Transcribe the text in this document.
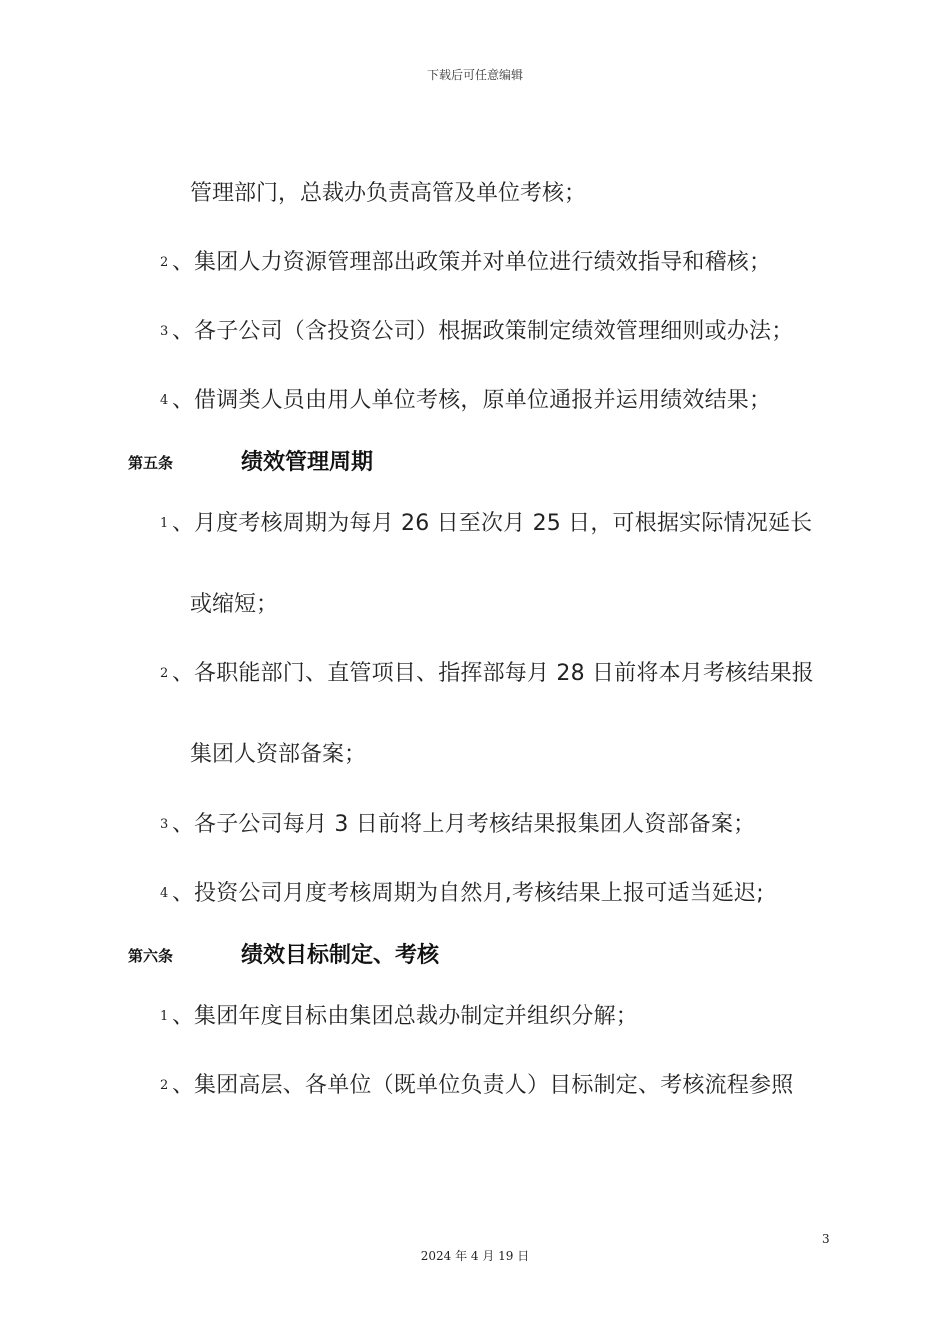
下载后可任意编辑
管理部门，总裁办负责高管及单位考核；
2 、 集团人力资源管理部出政策并对单位进行绩效指导和稽核；
3 、 各子公司（含投资公司）根据政策制定绩效管理细则或办法；
4 、 借调类人员由用人单位考核，原单位通报并运用绩效结果；
第五条	绩效管理周期
1 、 月度考核周期为每月 26 日至次月 25 日，可根据实际情况延长
或缩短；
2 、 各职能部门、直管项目、指挥部每月 28 日前将本月考核结果报
集团人资部备案；
3 、 各子公司每月 3 日前将上月考核结果报集团人资部备案；
4 、 投资公司月度考核周期为自然月,考核结果上报可适当延迟;
第六条	绩效目标制定、考核
1 、 集团年度目标由集团总裁办制定并组织分解；
2 、 集团高层、各单位（既单位负责人）目标制定、考核流程参照
3
2024 年 4 月 19 日
